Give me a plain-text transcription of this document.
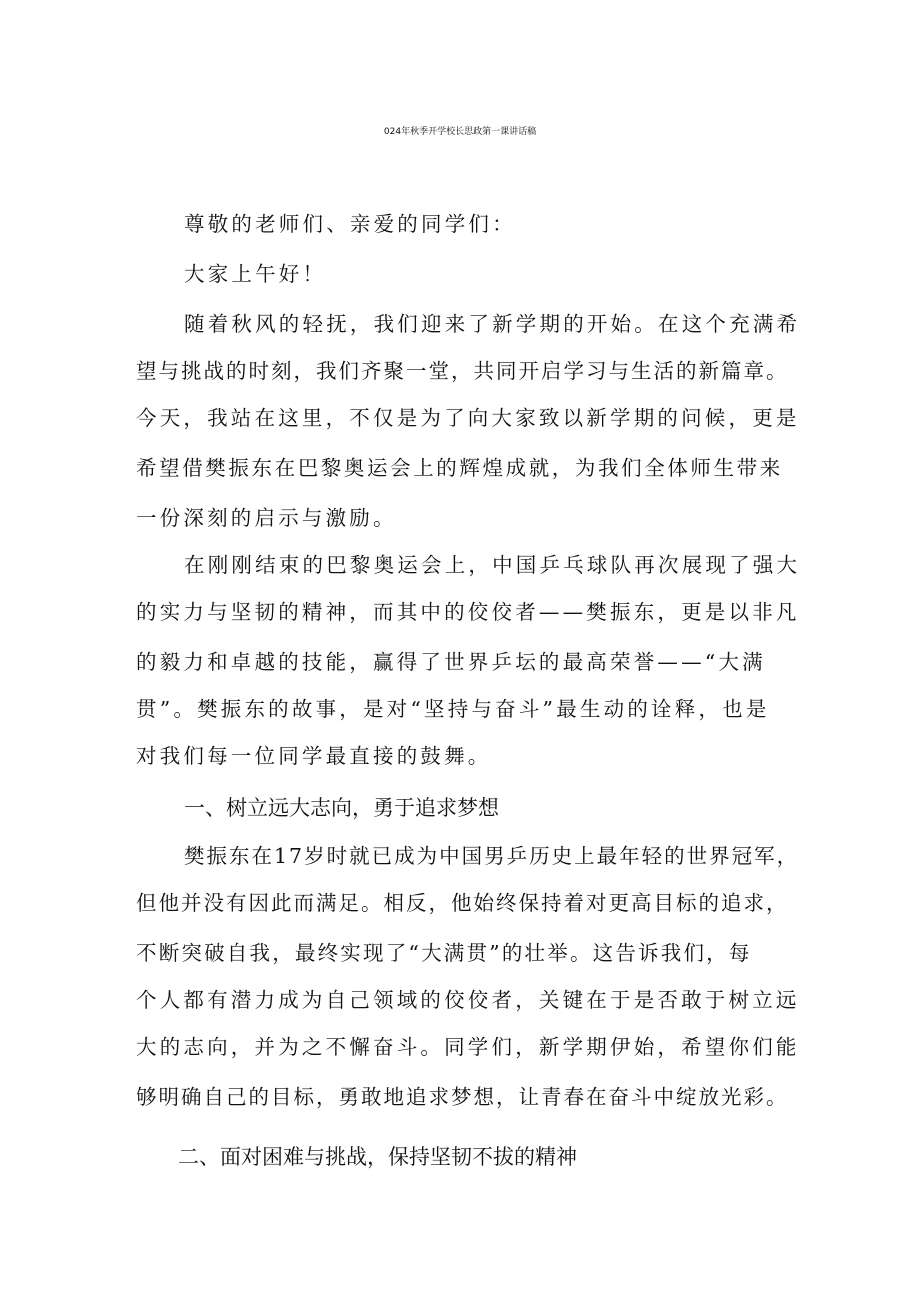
024年秋季开学校长思政第一课讲话稿
尊敬的老师们、亲爱的同学们：
大家上午好！
随着秋风的轻抚，我们迎来了新学期的开始。在这个充满希
望与挑战的时刻，我们齐聚一堂，共同开启学习与生活的新篇章。
今天，我站在这里，不仅是为了向大家致以新学期的问候，更是
希望借樊振东在巴黎奥运会上的辉煌成就，为我们全体师生带来
一份深刻的启示与激励。
在刚刚结束的巴黎奥运会上，中国乒乓球队再次展现了强大
的实力与坚韧的精神，而其中的佼佼者——樊振东，更是以非凡
的毅力和卓越的技能，赢得了世界乒坛的最高荣誉——“大满
贯”。樊振东的故事，是对“坚持与奋斗”最生动的诠释，也是
对我们每一位同学最直接的鼓舞。
一、树立远大志向，勇于追求梦想
樊振东在17岁时就已成为中国男乒历史上最年轻的世界冠军，
但他并没有因此而满足。相反，他始终保持着对更高目标的追求，
不断突破自我，最终实现了“大满贯”的壮举。这告诉我们，每
个人都有潜力成为自己领域的佼佼者，关键在于是否敢于树立远
大的志向，并为之不懈奋斗。同学们，新学期伊始，希望你们能
够明确自己的目标，勇敢地追求梦想，让青春在奋斗中绽放光彩。
二、面对困难与挑战，保持坚韧不拔的精神
